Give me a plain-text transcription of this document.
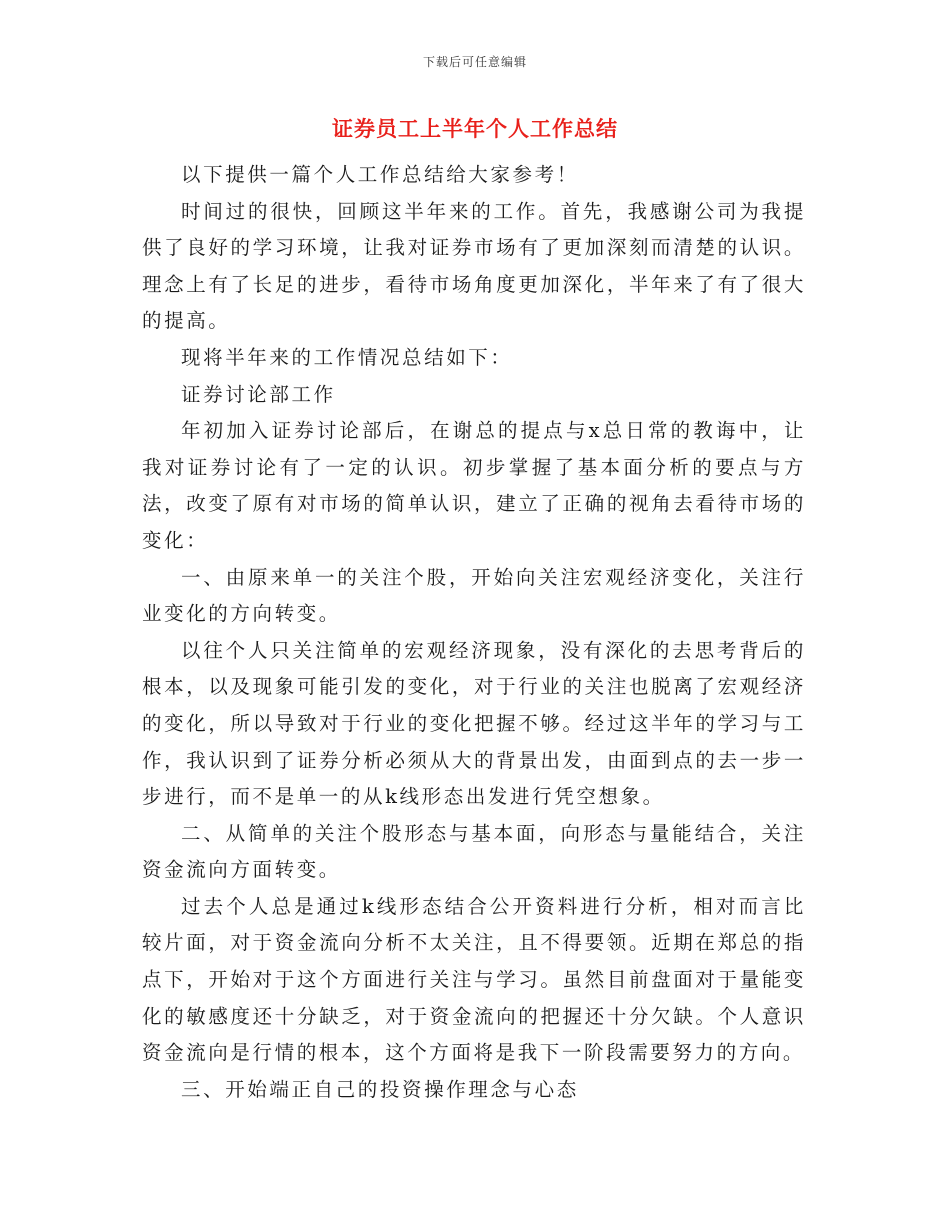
下载后可任意编辑
证券员工上半年个人工作总结

以下提供一篇个人工作总结给大家参考！

时间过的很快，回顾这半年来的工作。首先，我感谢公司为我提供了良好的学习环境，让我对证券市场有了更加深刻而清楚的认识。理念上有了长足的进步，看待市场角度更加深化，半年来了有了很大的提高。

现将半年来的工作情况总结如下：

证券讨论部工作

年初加入证券讨论部后，在谢总的提点与x总日常的教诲中，让我对证券讨论有了一定的认识。初步掌握了基本面分析的要点与方法，改变了原有对市场的简单认识，建立了正确的视角去看待市场的变化：

一、由原来单一的关注个股，开始向关注宏观经济变化，关注行业变化的方向转变。

以往个人只关注简单的宏观经济现象，没有深化的去思考背后的根本，以及现象可能引发的变化，对于行业的关注也脱离了宏观经济的变化，所以导致对于行业的变化把握不够。经过这半年的学习与工作，我认识到了证券分析必须从大的背景出发，由面到点的去一步一步进行，而不是单一的从k线形态出发进行凭空想象。

二、从简单的关注个股形态与基本面，向形态与量能结合，关注资金流向方面转变。

过去个人总是通过k线形态结合公开资料进行分析，相对而言比较片面，对于资金流向分析不太关注，且不得要领。近期在郑总的指点下，开始对于这个方面进行关注与学习。虽然目前盘面对于量能变化的敏感度还十分缺乏，对于资金流向的把握还十分欠缺。个人意识资金流向是行情的根本，这个方面将是我下一阶段需要努力的方向。

三、开始端正自己的投资操作理念与心态
